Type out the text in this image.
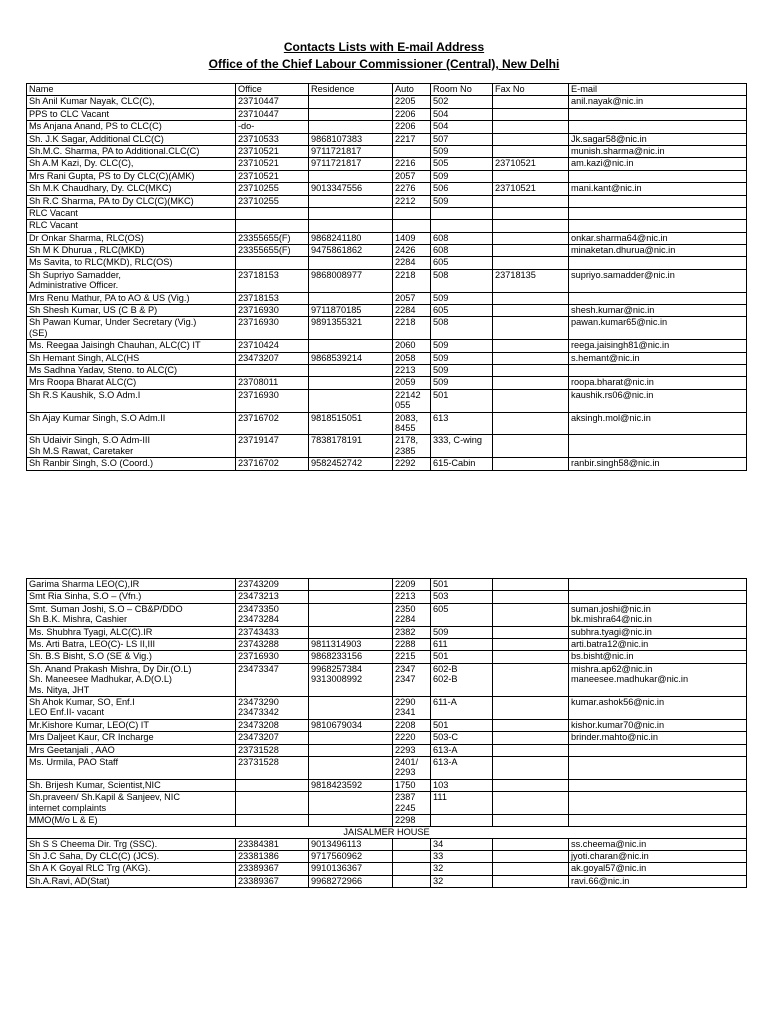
Contacts Lists with E-mail Address
Office of the Chief Labour Commissioner (Central), New Delhi
Name	Office	Residence	Auto	Room No	Fax No	E-mail
Sh Anil Kumar Nayak, CLC(C),	23710447		2205	502		anil.nayak@nic.in
PPS to CLC Vacant	23710447		2206	504		
Ms Anjana Anand, PS to CLC(C)	-do-		2206	504		
Sh. J.K Sagar, Additional CLC(C)	23710533	9868107383	2217	507		Jk.sagar58@nic.in
Sh.M.C. Sharma, PA to Additional.CLC(C)	23710521	9711721817		509		munish.sharma@nic.in
Sh A.M Kazi, Dy. CLC(C),	23710521	9711721817	2216	505	23710521	am.kazi@nic.in
Mrs Rani Gupta, PS to Dy CLC(C)(AMK)	23710521		2057	509		
Sh M.K Chaudhary, Dy. CLC(MKC)	23710255	9013347556	2276	506	23710521	mani.kant@nic.in
Sh R.C Sharma, PA to Dy CLC(C)(MKC)	23710255		2212	509		
RLC Vacant						
RLC Vacant						
Dr Onkar Sharma, RLC(OS)	23355655(F)	9868241180	1409	608		onkar.sharma64@nic.in
Sh M K Dhurua , RLC(MKD)	23355655(F)	9475861862	2426	608		minaketan.dhurua@nic.in
Ms Savita, to RLC(MKD), RLC(OS)			2284	605		
Sh Supriyo Samadder,
Administrative Officer.	23718153	9868008977	2218	508	23718135	supriyo.samadder@nic.in
Mrs Renu Mathur, PA to AO & US (Vig.)	23718153		2057	509		
Sh Shesh Kumar, US (C B & P)	23716930	9711870185	2284	605		shesh.kumar@nic.in
Sh Pawan Kumar, Under Secretary (Vig.)
(SE)	23716930	9891355321	2218	508		pawan.kumar65@nic.in
Ms. Reegaa Jaisingh Chauhan, ALC(C) IT	23710424		2060	509		reega.jaisingh81@nic.in
Sh Hemant Singh, ALC(HS	23473207	9868539214	2058	509		s.hemant@nic.in
Ms Sadhna Yadav, Steno. to ALC(C)			2213	509		
Mrs Roopa Bharat ALC(C)	23708011		2059	509		roopa.bharat@nic.in
Sh R.S Kaushik, S.O Adm.I	23716930		22142
055	501		kaushik.rs06@nic.in
Sh Ajay Kumar Singh, S.O Adm.II	23716702	9818515051	2083,
8455	613		aksingh.mol@nic.in
Sh Udaivir Singh, S.O Adm-III
Sh M.S Rawat, Caretaker	23719147	7838178191	2178,
2385	333, C-wing		
Sh Ranbir Singh, S.O (Coord.)	23716702	9582452742	2292	615-Cabin		ranbir.singh58@nic.in
Garima Sharma LEO(C),IR	23743209		2209	501		
Smt Ria Sinha, S.O – (Vfn.)	23473213		2213	503		
Smt. Suman Joshi, S.O – CB&P/DDO
Sh B.K. Mishra, Cashier	23473350
23473284		2350
2284	605		suman.joshi@nic.in
bk.mishra64@nic.in
Ms. Shubhra Tyagi, ALC(C).IR	23743433		2382	509		subhra.tyagi@nic.in
Ms. Arti Batra, LEO(C)- LS II,III	23743288	9811314903	2288	611		arti.batra12@nic.in
Sh. B.S Bisht, S.O (SE & Vig.)	23716930	9868233156	2215	501		bs.bisht@nic.in
Sh. Anand Prakash Mishra, Dy Dir.(O.L)
Sh. Maneesee Madhukar, A.D(O.L)
Ms. Nitya, JHT	23473347	9968257384
9313008992	2347
2347	602-B
602-B		mishra.ap62@nic.in
maneesee.madhukar@nic.in
Sh Ahok Kumar, SO, Enf.I
LEO Enf.II- vacant	23473290
23473342		2290
2341	611-A		kumar.ashok56@nic.in
Mr.Kishore Kumar, LEO(C) IT	23473208	9810679034	2208	501		kishor.kumar70@nic.in
Mrs Daljeet Kaur, CR Incharge	23473207		2220	503-C		brinder.mahto@nic.in
Mrs Geetanjali , AAO	23731528		2293	613-A		
Ms. Urmila, PAO Staff	23731528		2401/
2293	613-A		
Sh. Brijesh Kumar, Scientist,NIC		9818423592	1750	103		
Sh.praveen/ Sh.Kapil & Sanjeev, NIC
internet complaints			2387
2245	111		
MMO(M/o L & E)			2298			
JAISALMER HOUSE						
Sh S S Cheema Dir. Trg (SSC).	23384381	9013496113		34		ss.cheema@nic.in
Sh J.C Saha, Dy CLC(C) (JCS).	23381386	9717560962		33		jyoti.charan@nic.in
Sh A K Goyal RLC Trg (AKG).	23389367	9910136367		32		ak.goyal57@nic.in
Sh.A.Ravi, AD(Stat)	23389367	9968272966		32		ravi.66@nic.in
